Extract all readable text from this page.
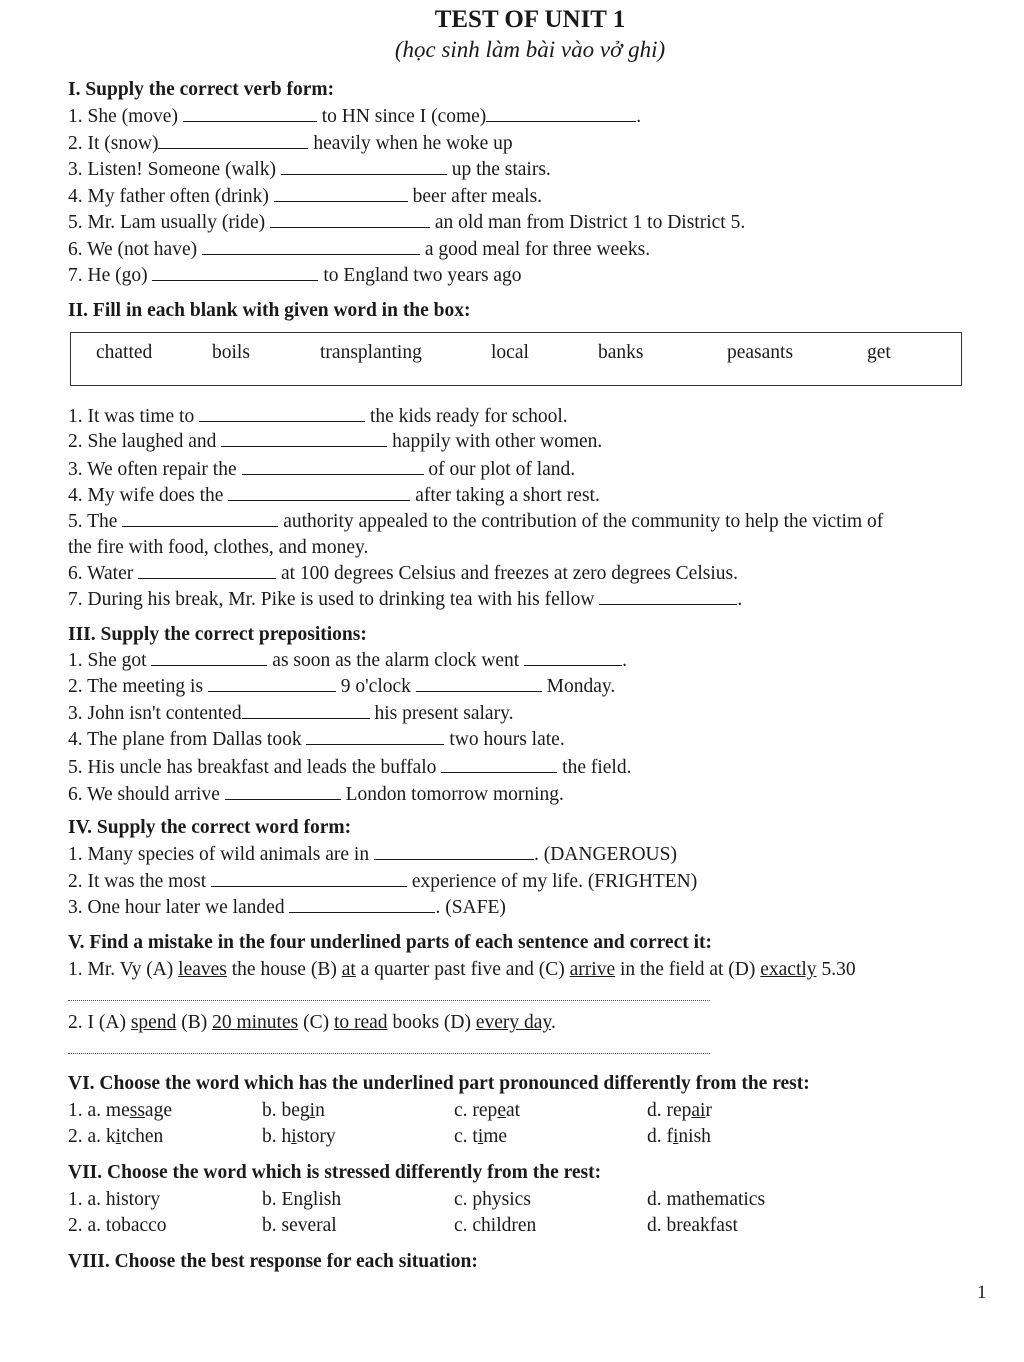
TEST OF UNIT 1
(học sinh làm bài vào vở ghi)
I. Supply the correct verb form:
1. She (move)	to HN since I (come)	.
2. It (snow)	heavily when he woke up
3. Listen! Someone (walk)	up the stairs.
4. My father often (drink)	beer after meals.
5. Mr. Lam usually (ride)	an old man from District 1 to District 5.
6. We (not have)	a good meal for three weeks.
7. He (go)	to England two years ago
II. Fill in each blank with given word in the box:
chatted	boils	transplanting	local	banks	peasants	get
1. It was time to	the kids ready for school.
2. She laughed and	happily with other women.
3. We often repair the	of our plot of land.
4. My wife does the	after taking a short rest.
5. The	authority appealed to the contribution of the community to help the victim of
the fire with food, clothes, and money.
6. Water	at 100 degrees Celsius and freezes at zero degrees Celsius.
7. During his break, Mr. Pike is used to drinking tea with his fellow	.
III. Supply the correct prepositions:
1. She got	as soon as the alarm clock went	.
2. The meeting is	9 o'clock	Monday.
3. John isn't contented	his present salary.
4. The plane from Dallas took	two hours late.
5. His uncle has breakfast and leads the buffalo	the field.
6. We should arrive	London tomorrow morning.
IV. Supply the correct word form:
1. Many species of wild animals are in	. (DANGEROUS)
2. It was the most	experience of my life. (FRIGHTEN)
3. One hour later we landed	. (SAFE)
V. Find a mistake in the four underlined parts of each sentence and correct it:
1. Mr. Vy (A) leaves the house (B) at a quarter past five and (C) arrive in the field at (D) exactly 5.30
2. I (A) spend (B) 20 minutes (C) to read books (D) every day.
VI. Choose the word which has the underlined part pronounced differently from the rest:
1. a. message	b. begin	c. repeat	d. repair
2. a. kitchen	b. history	c. time	d. finish
VII. Choose the word which is stressed differently from the rest:
1. a. history	b. English	c. physics	d. mathematics
2. a. tobacco	b. several	c. children	d. breakfast
VIII. Choose the best response for each situation:
1
